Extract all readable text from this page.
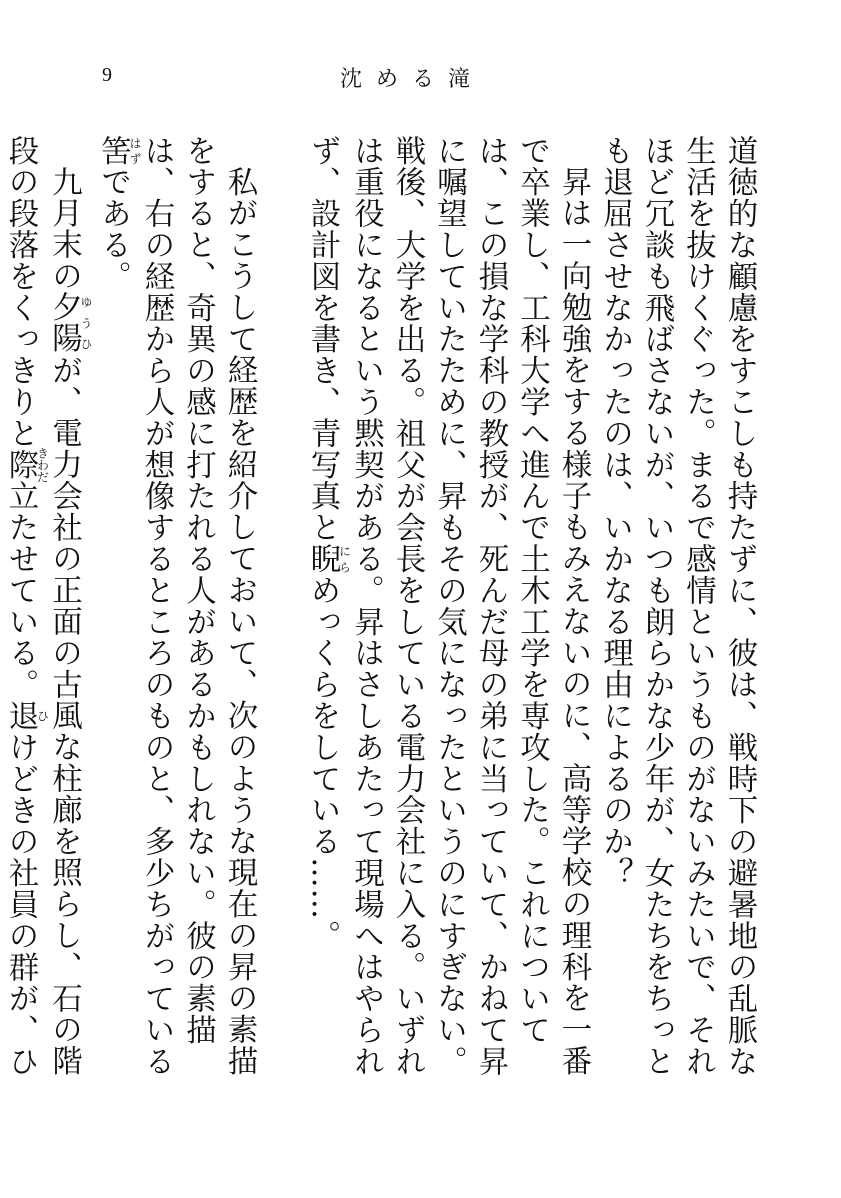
9	沈める滝

道徳的な顧慮をすこしも持たずに、彼は、戦時下の避暑地の乱脈な生活を抜けくぐった。まるで感情というものがないみたいで、それほど冗談も飛ばさないが、いつも朗らかな少年が、女たちをちっとも退屈させなかったのは、いかなる理由によるのか？

昇は一向勉強をする様子もみえないのに、高等学校の理科を一番で卒業し、工科大学へ進んで土木工学を専攻した。これについては、この損な学科の教授が、死んだ母の弟に当っていて、かねて昇に嘱望していたために、昇もその気になったというのにすぎない。戦後、大学を出る。祖父が会長をしている電力会社に入る。いずれは重役になるという黙契がある。昇はさしあたって現場へはやられず、設計図を書き、青写真と睨にらめっくらをしている……。

私がこうして経歴を紹介しておいて、次のような現在の昇の素描をすると、奇異の感に打たれる人があるかもしれない。彼の素描は、右の経歴から人が想像するところのものと、多少ちがっている筈はずである。

九月末の夕陽ゆうひが、電力会社の正面の古風な柱廊を照らし、石の階段の段落をくっきりと際きわだ立たせている。退ひけどきの社員の群が、ひ
